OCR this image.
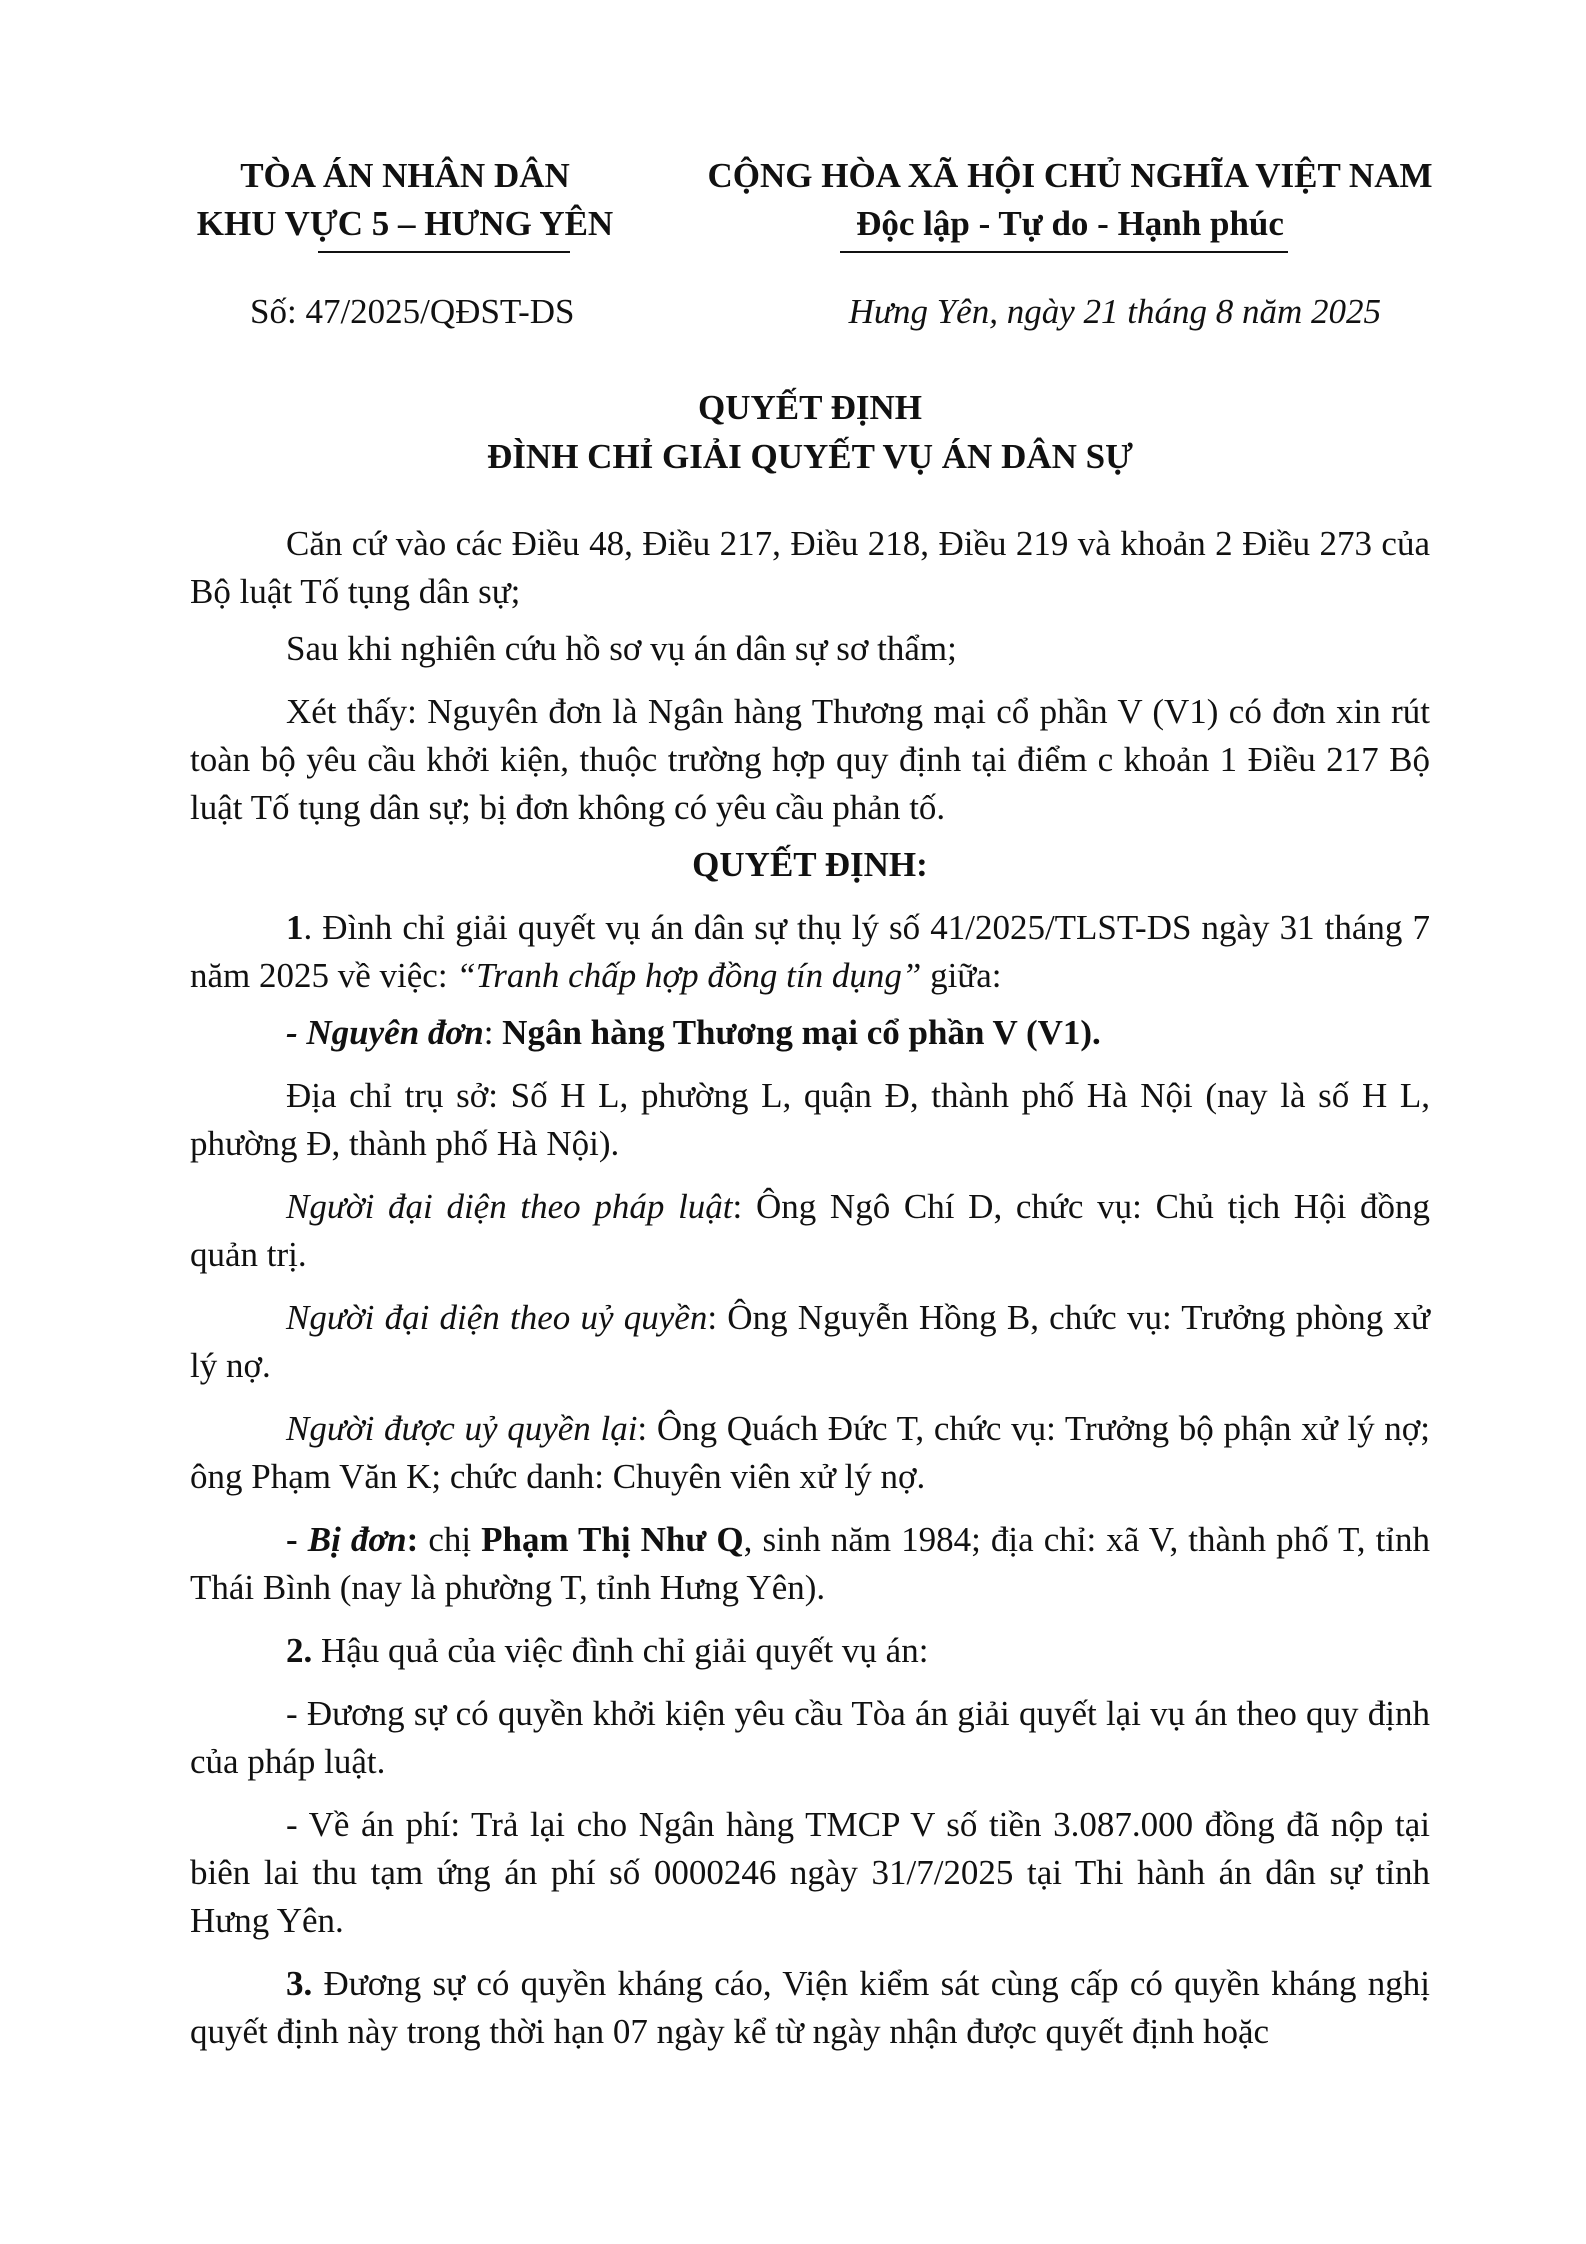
TÒA ÁN NHÂN DÂN
KHU VỰC 5 – HƯNG YÊN
CỘNG HÒA XÃ HỘI CHỦ NGHĨA VIỆT NAM
Độc lập - Tự do - Hạnh phúc
Số: 47/2025/QĐST-DS	Hưng Yên, ngày 21 tháng 8 năm 2025
QUYẾT ĐỊNH
ĐÌNH CHỈ GIẢI QUYẾT VỤ ÁN DÂN SỰ

Căn cứ vào các Điều 48, Điều 217, Điều 218, Điều 219 và khoản 2 Điều 273 của Bộ luật Tố tụng dân sự;

Sau khi nghiên cứu hồ sơ vụ án dân sự sơ thẩm;

Xét thấy: Nguyên đơn là Ngân hàng Thương mại cổ phần V (V1) có đơn xin rút toàn bộ yêu cầu khởi kiện, thuộc trường hợp quy định tại điểm c khoản 1 Điều 217 Bộ luật Tố tụng dân sự; bị đơn không có yêu cầu phản tố.

QUYẾT ĐỊNH:

1. Đình chỉ giải quyết vụ án dân sự thụ lý số 41/2025/TLST-DS ngày 31 tháng 7 năm 2025 về việc: “Tranh chấp hợp đồng tín dụng” giữa:

- Nguyên đơn: Ngân hàng Thương mại cổ phần V (V1).

Địa chỉ trụ sở: Số H L, phường L, quận Đ, thành phố Hà Nội (nay là số H L, phường Đ, thành phố Hà Nội).

Người đại diện theo pháp luật: Ông Ngô Chí D, chức vụ: Chủ tịch Hội đồng quản trị.

Người đại diện theo uỷ quyền: Ông Nguyễn Hồng B, chức vụ: Trưởng phòng xử lý nợ.

Người được uỷ quyền lại: Ông Quách Đức T, chức vụ: Trưởng bộ phận xử lý nợ; ông Phạm Văn K; chức danh: Chuyên viên xử lý nợ.

- Bị đơn: chị Phạm Thị Như Q, sinh năm 1984; địa chỉ: xã V, thành phố T, tỉnh Thái Bình (nay là phường T, tỉnh Hưng Yên).

2. Hậu quả của việc đình chỉ giải quyết vụ án:

- Đương sự có quyền khởi kiện yêu cầu Tòa án giải quyết lại vụ án theo quy định của pháp luật.

- Về án phí: Trả lại cho Ngân hàng TMCP V số tiền 3.087.000 đồng đã nộp tại biên lai thu tạm ứng án phí số 0000246 ngày 31/7/2025 tại Thi hành án dân sự tỉnh Hưng Yên.

3. Đương sự có quyền kháng cáo, Viện kiểm sát cùng cấp có quyền kháng nghị quyết định này trong thời hạn 07 ngày kể từ ngày nhận được quyết định hoặc
